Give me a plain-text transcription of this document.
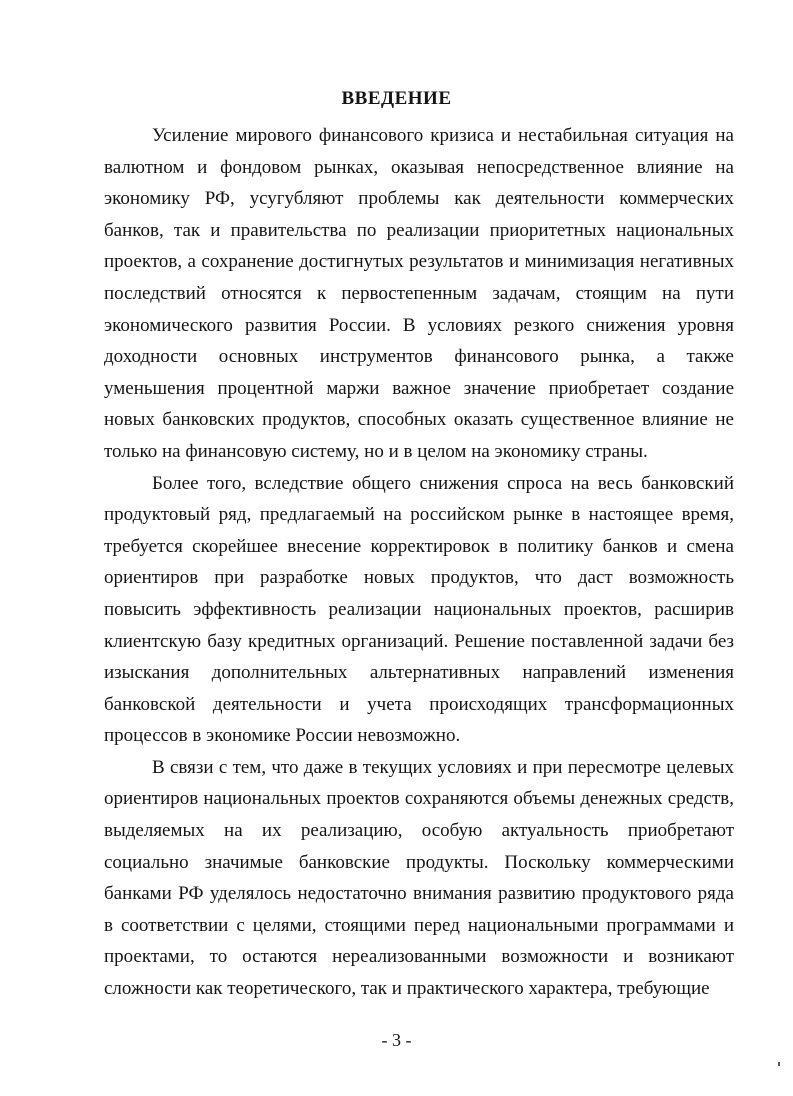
ВВЕДЕНИЕ

Усиление мирового финансового кризиса и нестабильная ситуация на валютном и фондовом рынках, оказывая непосредственное влияние на экономику РФ, усугубляют проблемы как деятельности коммерческих банков, так и правительства по реализации приоритетных национальных проектов, а сохранение достигнутых результатов и минимизация негативных последствий относятся к первостепенным задачам, стоящим на пути экономического развития России. В условиях резкого снижения уровня доходности основных инструментов финансового рынка, а также уменьшения процентной маржи важное значение приобретает создание новых банковских продуктов, способных оказать существенное влияние не только на финансовую систему, но и в целом на экономику страны.

Более того, вследствие общего снижения спроса на весь банковский продуктовый ряд, предлагаемый на российском рынке в настоящее время, требуется скорейшее внесение корректировок в политику банков и смена ориентиров при разработке новых продуктов, что даст возможность повысить эффективность реализации национальных проектов, расширив клиентскую базу кредитных организаций. Решение поставленной задачи без изыскания дополнительных альтернативных направлений изменения банковской деятельности и учета происходящих трансформационных процессов в экономике России невозможно.

В связи с тем, что даже в текущих условиях и при пересмотре целевых ориентиров национальных проектов сохраняются объемы денежных средств, выделяемых на их реализацию, особую актуальность приобретают социально значимые банковские продукты. Поскольку коммерческими банками РФ уделялось недостаточно внимания развитию продуктового ряда в соответствии с целями, стоящими перед национальными программами и проектами, то остаются нереализованными возможности и возникают сложности как теоретического, так и практического характера, требующие

- 3 -
